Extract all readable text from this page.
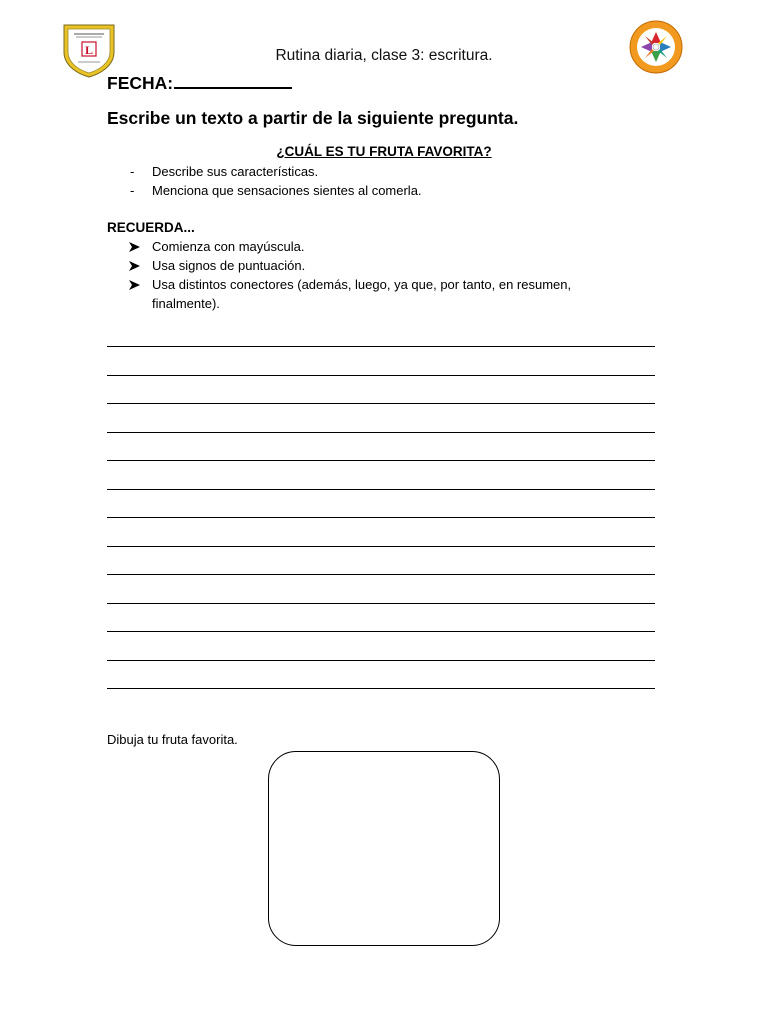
L	Rutina diaria, clase 3: escritura.
FECHA:
Escribe un texto a partir de la siguiente pregunta.
¿CUÁL ES TU FRUTA FAVORITA?
- Describe sus características.
- Menciona que sensaciones sientes al comerla.
RECUERDA...
Comienza con mayúscula.
Usa signos de puntuación.
Usa distintos conectores (además, luego, ya que, por tanto, en resumen, finalmente).
Dibuja tu fruta favorita.
